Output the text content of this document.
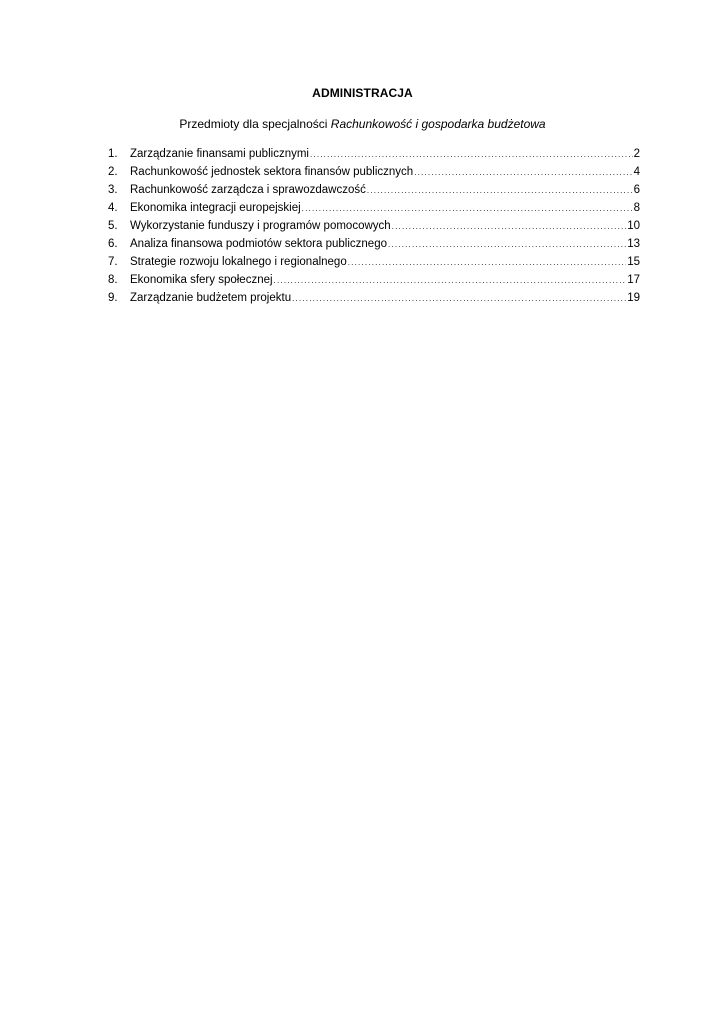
ADMINISTRACJA
Przedmioty dla specjalności Rachunkowość i gospodarka budżetowa
1.	Zarządzanie finansami publicznymi .....	2
2.	Rachunkowość jednostek sektora finansów publicznych .....	4
3.	Rachunkowość zarządcza i sprawozdawczość .....	6
4.	Ekonomika integracji europejskiej .....	8
5.	Wykorzystanie funduszy i programów pomocowych .....	10
6.	Analiza finansowa podmiotów sektora publicznego .....	13
7.	Strategie rozwoju lokalnego i regionalnego .....	15
8.	Ekonomika sfery społecznej .....	17
9.	Zarządzanie budżetem projektu .....	19
